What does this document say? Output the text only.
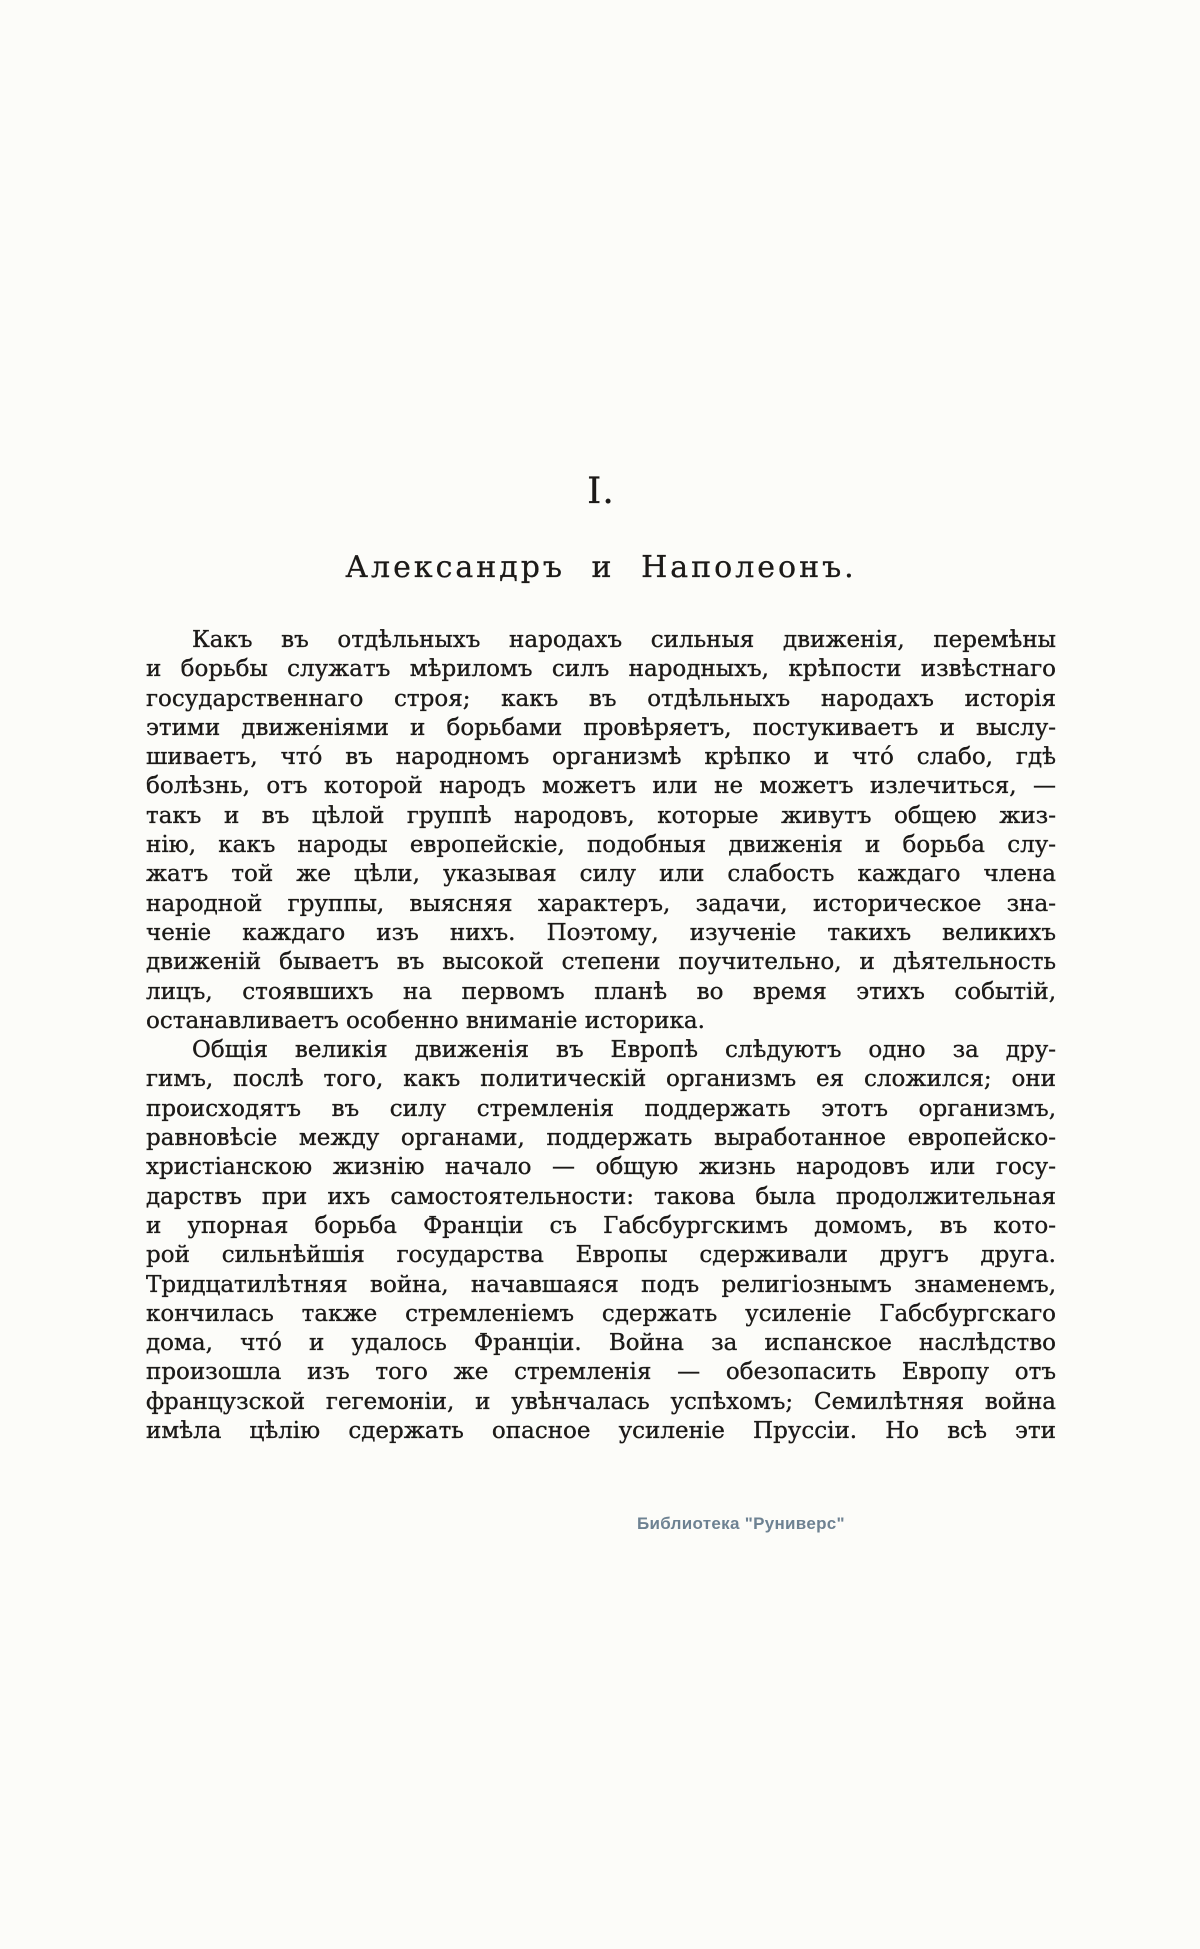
I.
Александръ и Наполеонъ.
Какъ въ отдѣльныхъ народахъ сильныя движенія, перемѣны
и борьбы служатъ мѣриломъ силъ народныхъ, крѣпости извѣстнаго
государственнаго строя; какъ въ отдѣльныхъ народахъ исторія
этими движеніями и борьбами провѣряетъ, постукиваетъ и выслу-
шиваетъ, что́ въ народномъ организмѣ крѣпко и что́ слабо, гдѣ
болѣзнь, отъ которой народъ можетъ или не можетъ излечиться, —
такъ и въ цѣлой группѣ народовъ, которые живутъ общею жиз-
нію, какъ народы европейскіе, подобныя движенія и борьба слу-
жатъ той же цѣли, указывая силу или слабость каждаго члена
народной группы, выясняя характеръ, задачи, историческое зна-
ченіе каждаго изъ нихъ. Поэтому, изученіе такихъ великихъ
движеній бываетъ въ высокой степени поучительно, и дѣятельность
лицъ, стоявшихъ на первомъ планѣ во время этихъ событій,
останавливаетъ особенно вниманіе историка.
Общія великія движенія въ Европѣ слѣдуютъ одно за дру-
гимъ, послѣ того, какъ политическій организмъ ея сложился; они
происходятъ въ силу стремленія поддержать этотъ организмъ,
равновѣсіе между органами, поддержать выработанное европейско-
христіанскою жизнію начало — общую жизнь народовъ или госу-
дарствъ при ихъ самостоятельности: такова была продолжительная
и упорная борьба Франціи съ Габсбургскимъ домомъ, въ кото-
рой сильнѣйшія государства Европы сдерживали другъ друга.
Тридцатилѣтняя война, начавшаяся подъ религіознымъ знаменемъ,
кончилась также стремленіемъ сдержать усиленіе Габсбургскаго
дома, что́ и удалось Франціи. Война за испанское наслѣдство
произошла изъ того же стремленія — обезопасить Европу отъ
французской гегемоніи, и увѣнчалась успѣхомъ; Семилѣтняя война
имѣла цѣлію сдержать опасное усиленіе Пруссіи. Но всѣ эти
Библиотека "Руниверс"
